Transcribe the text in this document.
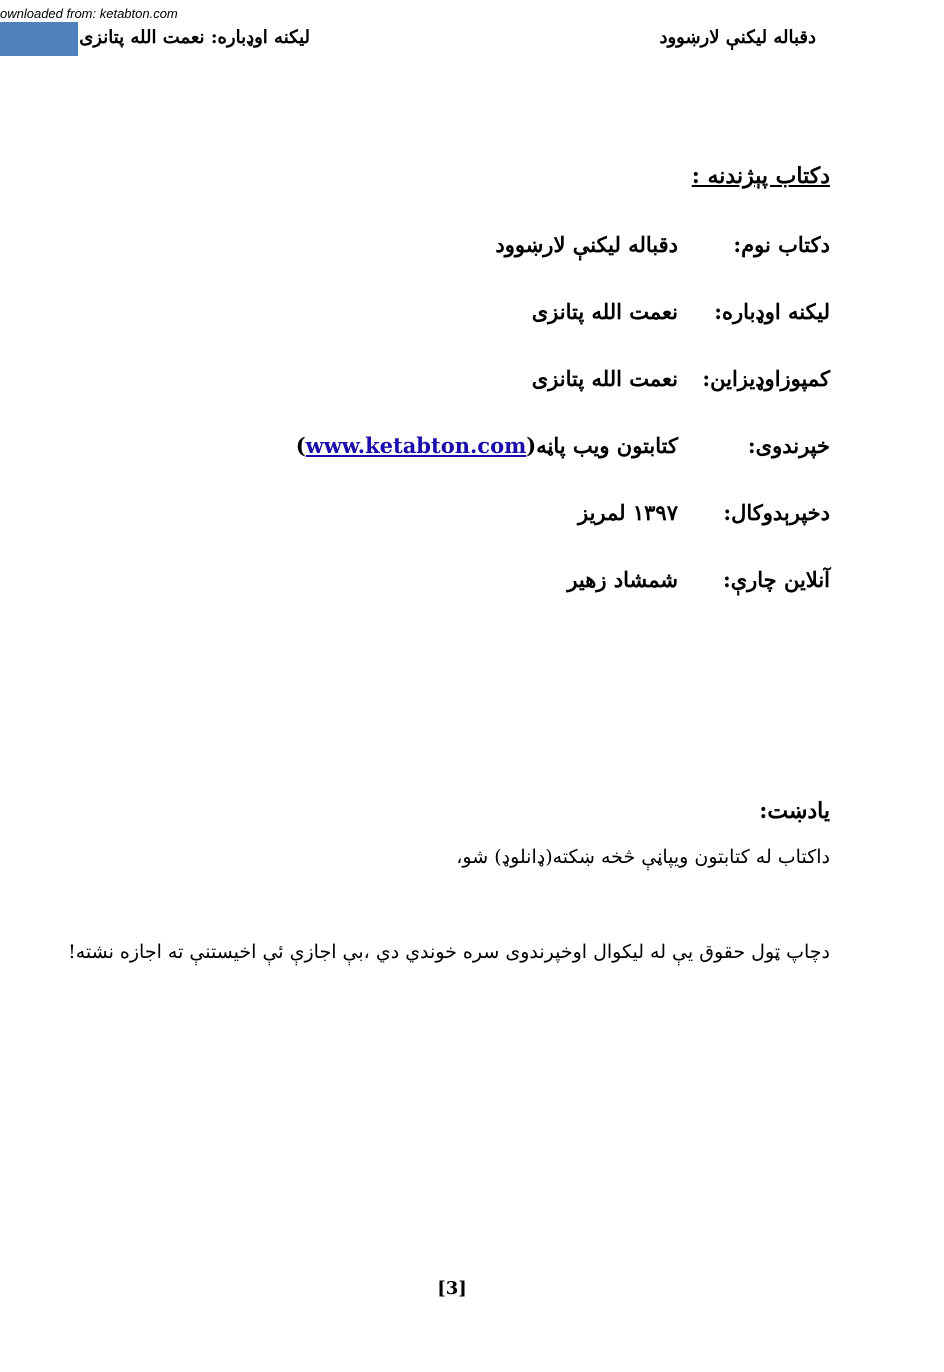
ownloaded from: ketabton.com
ليکنه اوډباره: نعمت الله پتانزی	دقباله ليکنې لارښوود
دکتاب پېژندنه :
دکتاب نوم:
دقباله ليکنې لارښوود
ليکنه اوډباره:
نعمت الله پتانزی
کمپوزاوډیزاین:
نعمت الله پتانزی
خپرندوی:
کتابتون ويب پاڼه(www.ketabton.com)
دخپرېدوکال:
۱۳۹۷ لمريز
آنلاين چارې:
شمشاد زهير
يادښت:
داکتاب له کتابتون ويپاڼې څخه ښکته(ډانلوډ) شو،
دچاپ ټول حقوق يې له ليکوال اوخپرندوی سره خوندي دي ،بې اجازې ئې اخيستنې ته اجازه نشته!
[3]
